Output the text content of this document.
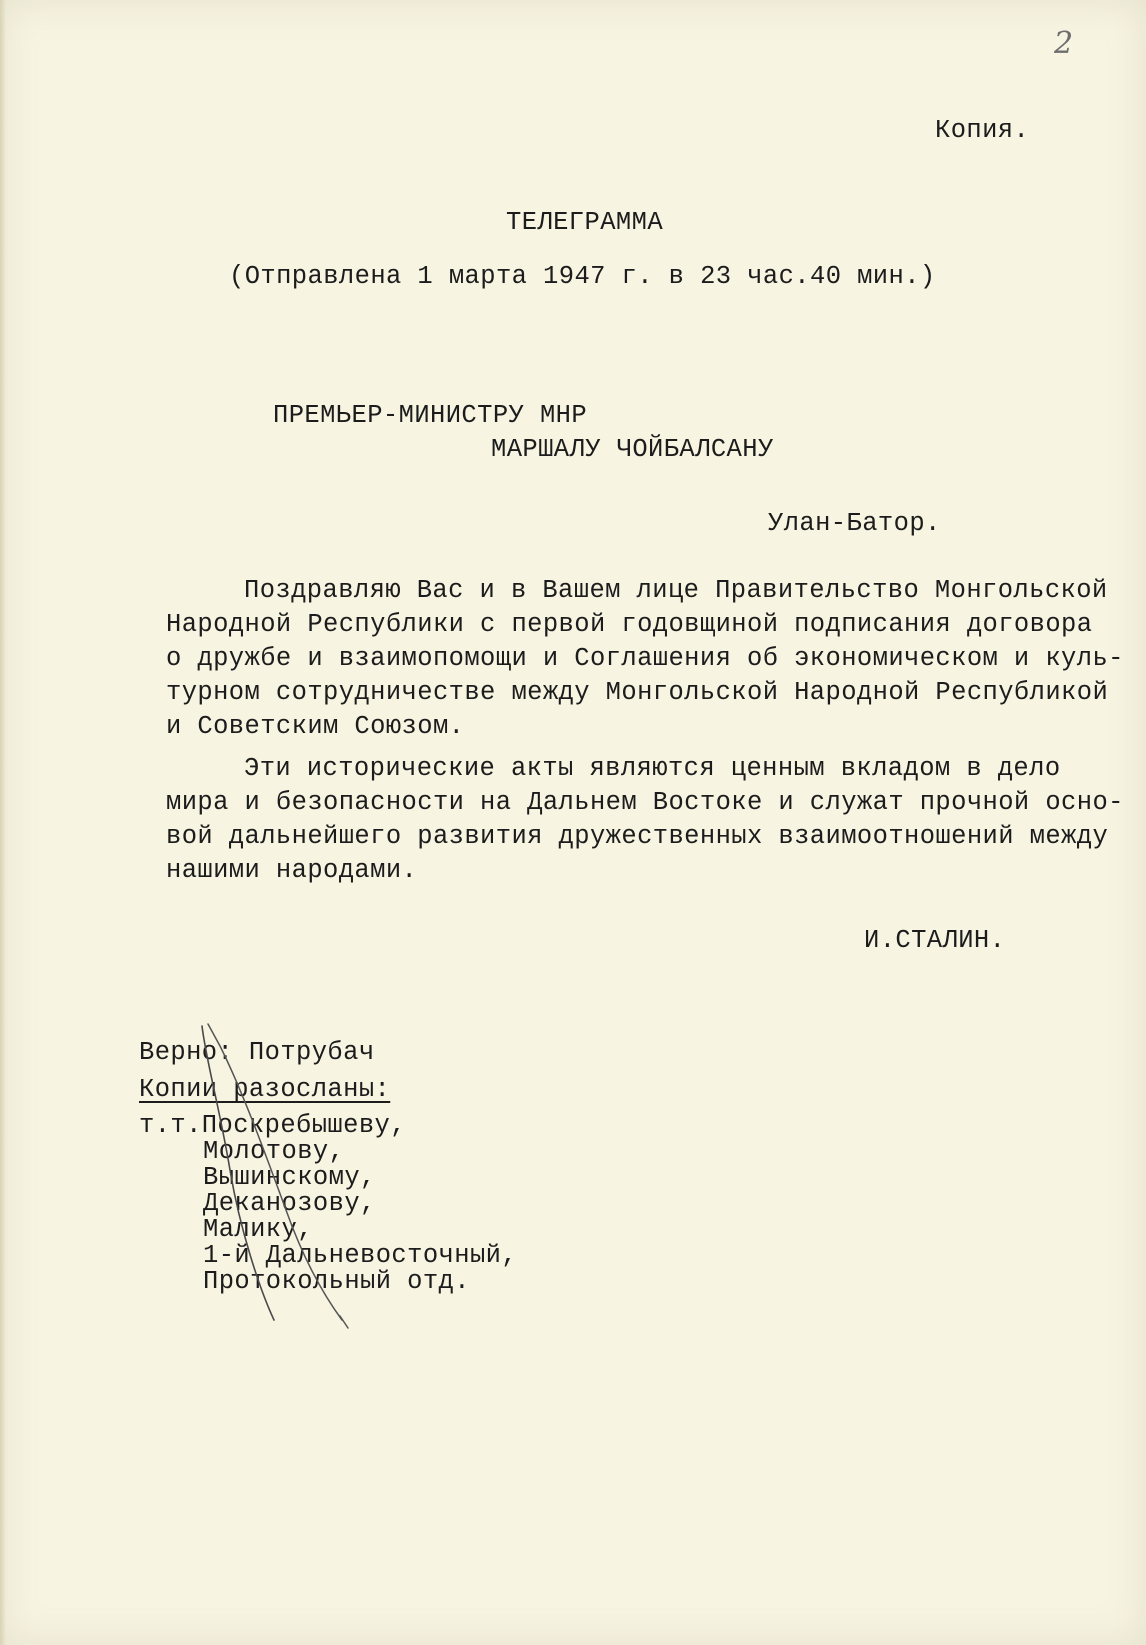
2
Копия.
ТЕЛЕГРАММА
(Отправлена 1 марта 1947 г. в 23 час.40 мин.)
ПРЕМЬЕР-МИНИСТРУ МНР
МАРШАЛУ ЧОЙБАЛСАНУ
Улан-Батор.
Поздравляю Вас и в Вашем лице Правительство Монгольской
Народной Республики с первой годовщиной подписания договора
о дружбе и взаимопомощи и Соглашения об экономическом и куль-
турном сотрудничестве между Монгольской Народной Республикой
и Советским Союзом.
Эти исторические акты являются ценным вкладом в дело
мира и безопасности на Дальнем Востоке и служат прочной осно-
вой дальнейшего развития дружественных взаимоотношений между
нашими народами.
И.СТАЛИН.
Верно: Потрубач
Копии разосланы:
т.т.Поскребышеву,
Молотову,
Вышинскому,
Деканозову,
Малику,
1-й Дальневосточный,
Протокольный отд.
